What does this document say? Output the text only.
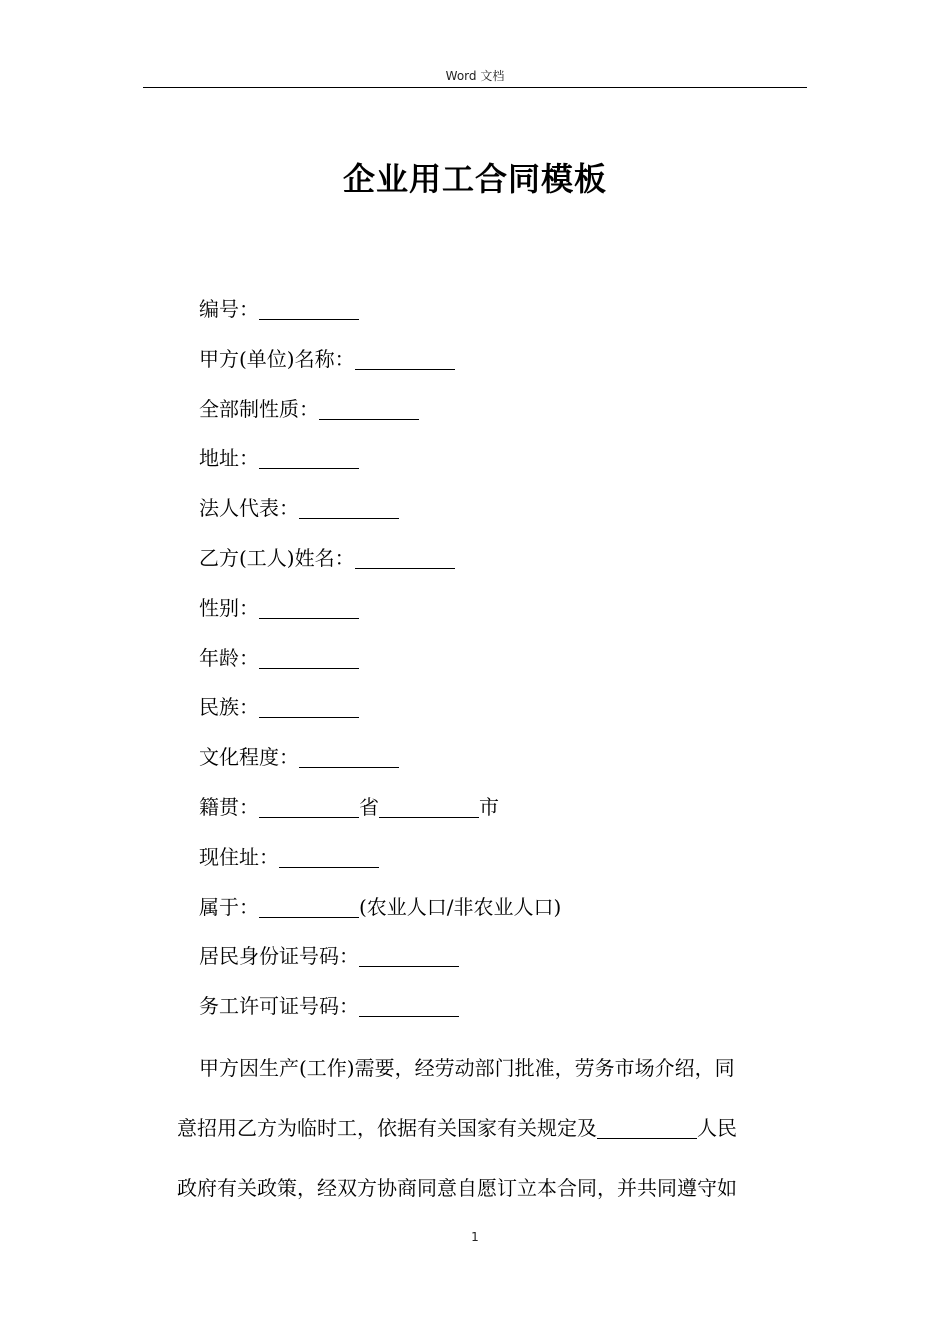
Word 文档
企业用工合同模板
编号：
甲方(单位)名称：
全部制性质：
地址：
法人代表：
乙方(工人)姓名：
性别：
年龄：
民族：
文化程度：
籍贯：	省	市
现住址：
属于：	(农业人口/非农业人口)
居民身份证号码：
务工许可证号码：
甲方因生产(工作)需要，经劳动部门批准，劳务市场介绍，同
意招用乙方为临时工，依据有关国家有关规定及	人民
政府有关政策，经双方协商同意自愿订立本合同，并共同遵守如
1
